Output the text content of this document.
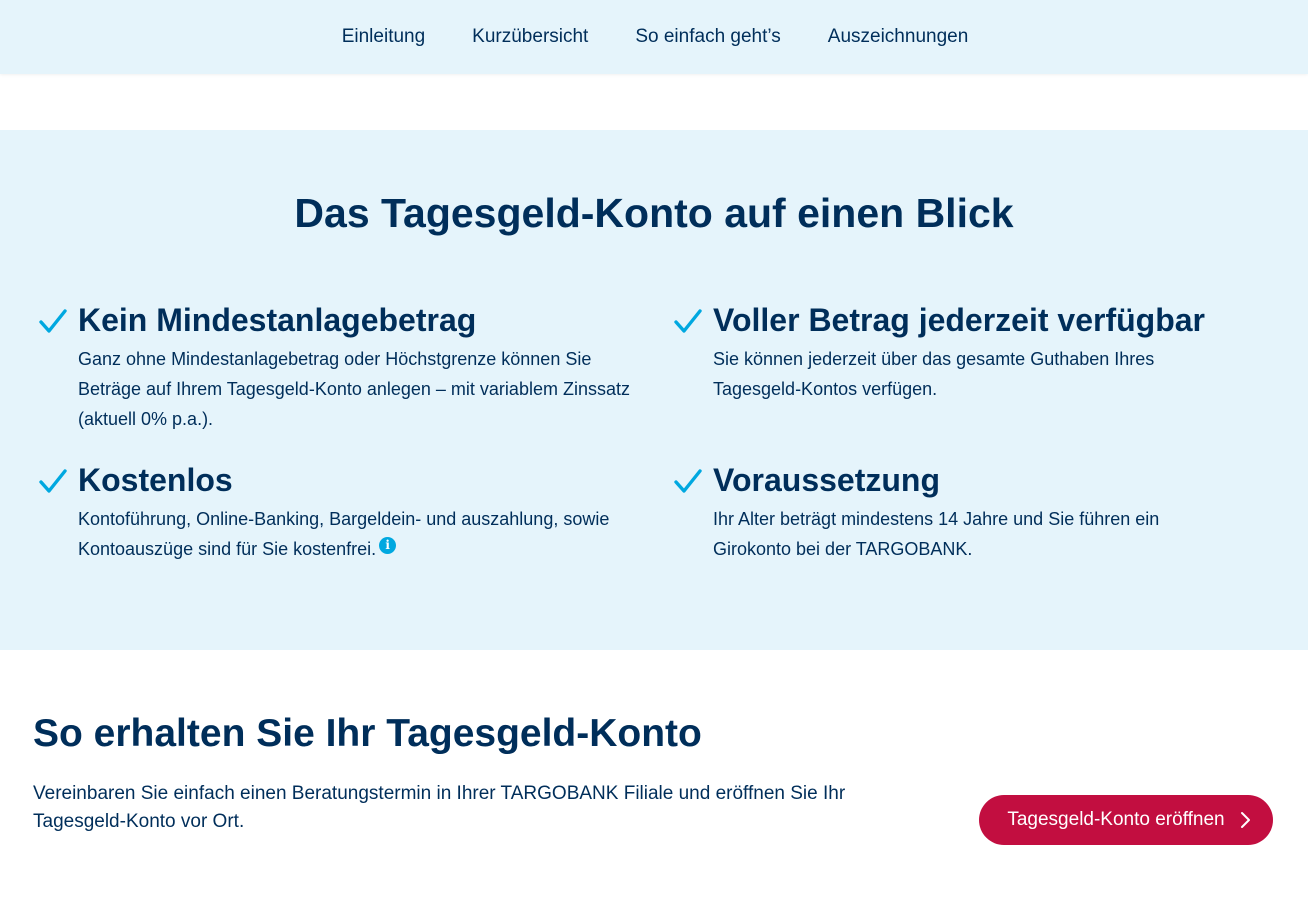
Einleitung Kurzübersicht So einfach geht’s Auszeichnungen
Das Tagesgeld-Konto auf einen Blick
Kein Mindestanlagebetrag

Ganz ohne Mindestanlagebetrag oder Höchstgrenze können Sie Beträge auf Ihrem Tagesgeld-Konto anlegen – mit variablem Zinssatz (aktuell 0% p.a.).

Voller Betrag jederzeit verfügbar

Sie können jederzeit über das gesamte Guthaben Ihres Tagesgeld-Kontos verfügen.

Kostenlos

Kontoführung, Online-Banking, Bargeldein- und auszahlung, sowie Kontoauszüge sind für Sie kostenfrei. i

Voraussetzung

Ihr Alter beträgt mindestens 14 Jahre und Sie führen ein Girokonto bei der TARGOBANK.

So erhalten Sie Ihr Tagesgeld-Konto

Vereinbaren Sie einfach einen Beratungstermin in Ihrer TARGOBANK Filiale und eröffnen Sie Ihr Tagesgeld-Konto vor Ort.	Tagesgeld-Konto eröffnen
